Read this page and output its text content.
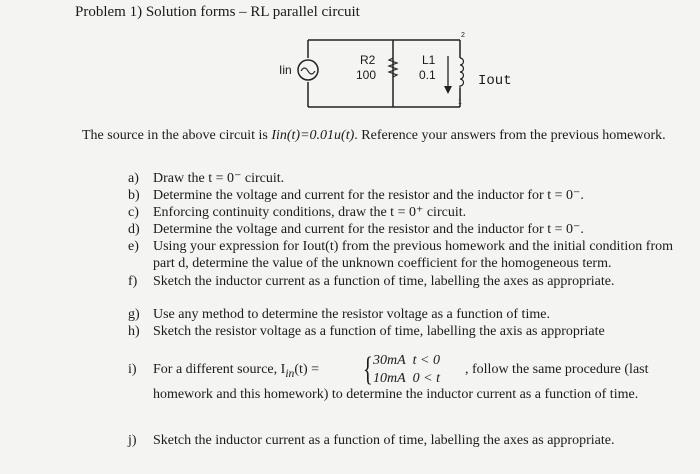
Problem 1) Solution forms – RL parallel circuit
Iin
R2
100
L1
0.1	Iout
2
1
The source in the above circuit is Iin(t)=0.01u(t). Reference your answers from the previous homework.
a)	Draw the t = 0⁻ circuit.
b) Determine the voltage and current for the resistor and the inductor for t = 0⁻.
c)	Enforcing continuity conditions, draw the t = 0⁺ circuit.
d) Determine the voltage and current for the resistor and the inductor for t = 0⁻.
e)	Using your expression for Iout(t) from the previous homework and the initial condition from part d, determine the value of the unknown coefficient for the homogeneous term.
f)	Sketch the inductor current as a function of time, labelling the axes as appropriate.
g) Use any method to determine the resistor voltage as a function of time.
h) Sketch the resistor voltage as a function of time, labelling the axis as appropriate
i) For a different source, $I_{in}(t)$ = { 30mA t < 0
10mA 0 < t
, follow the same procedure (last
homework and this homework) to determine the inductor current as a function of time.
j)	Sketch the inductor current as a function of time, labelling the axes as appropriate.
